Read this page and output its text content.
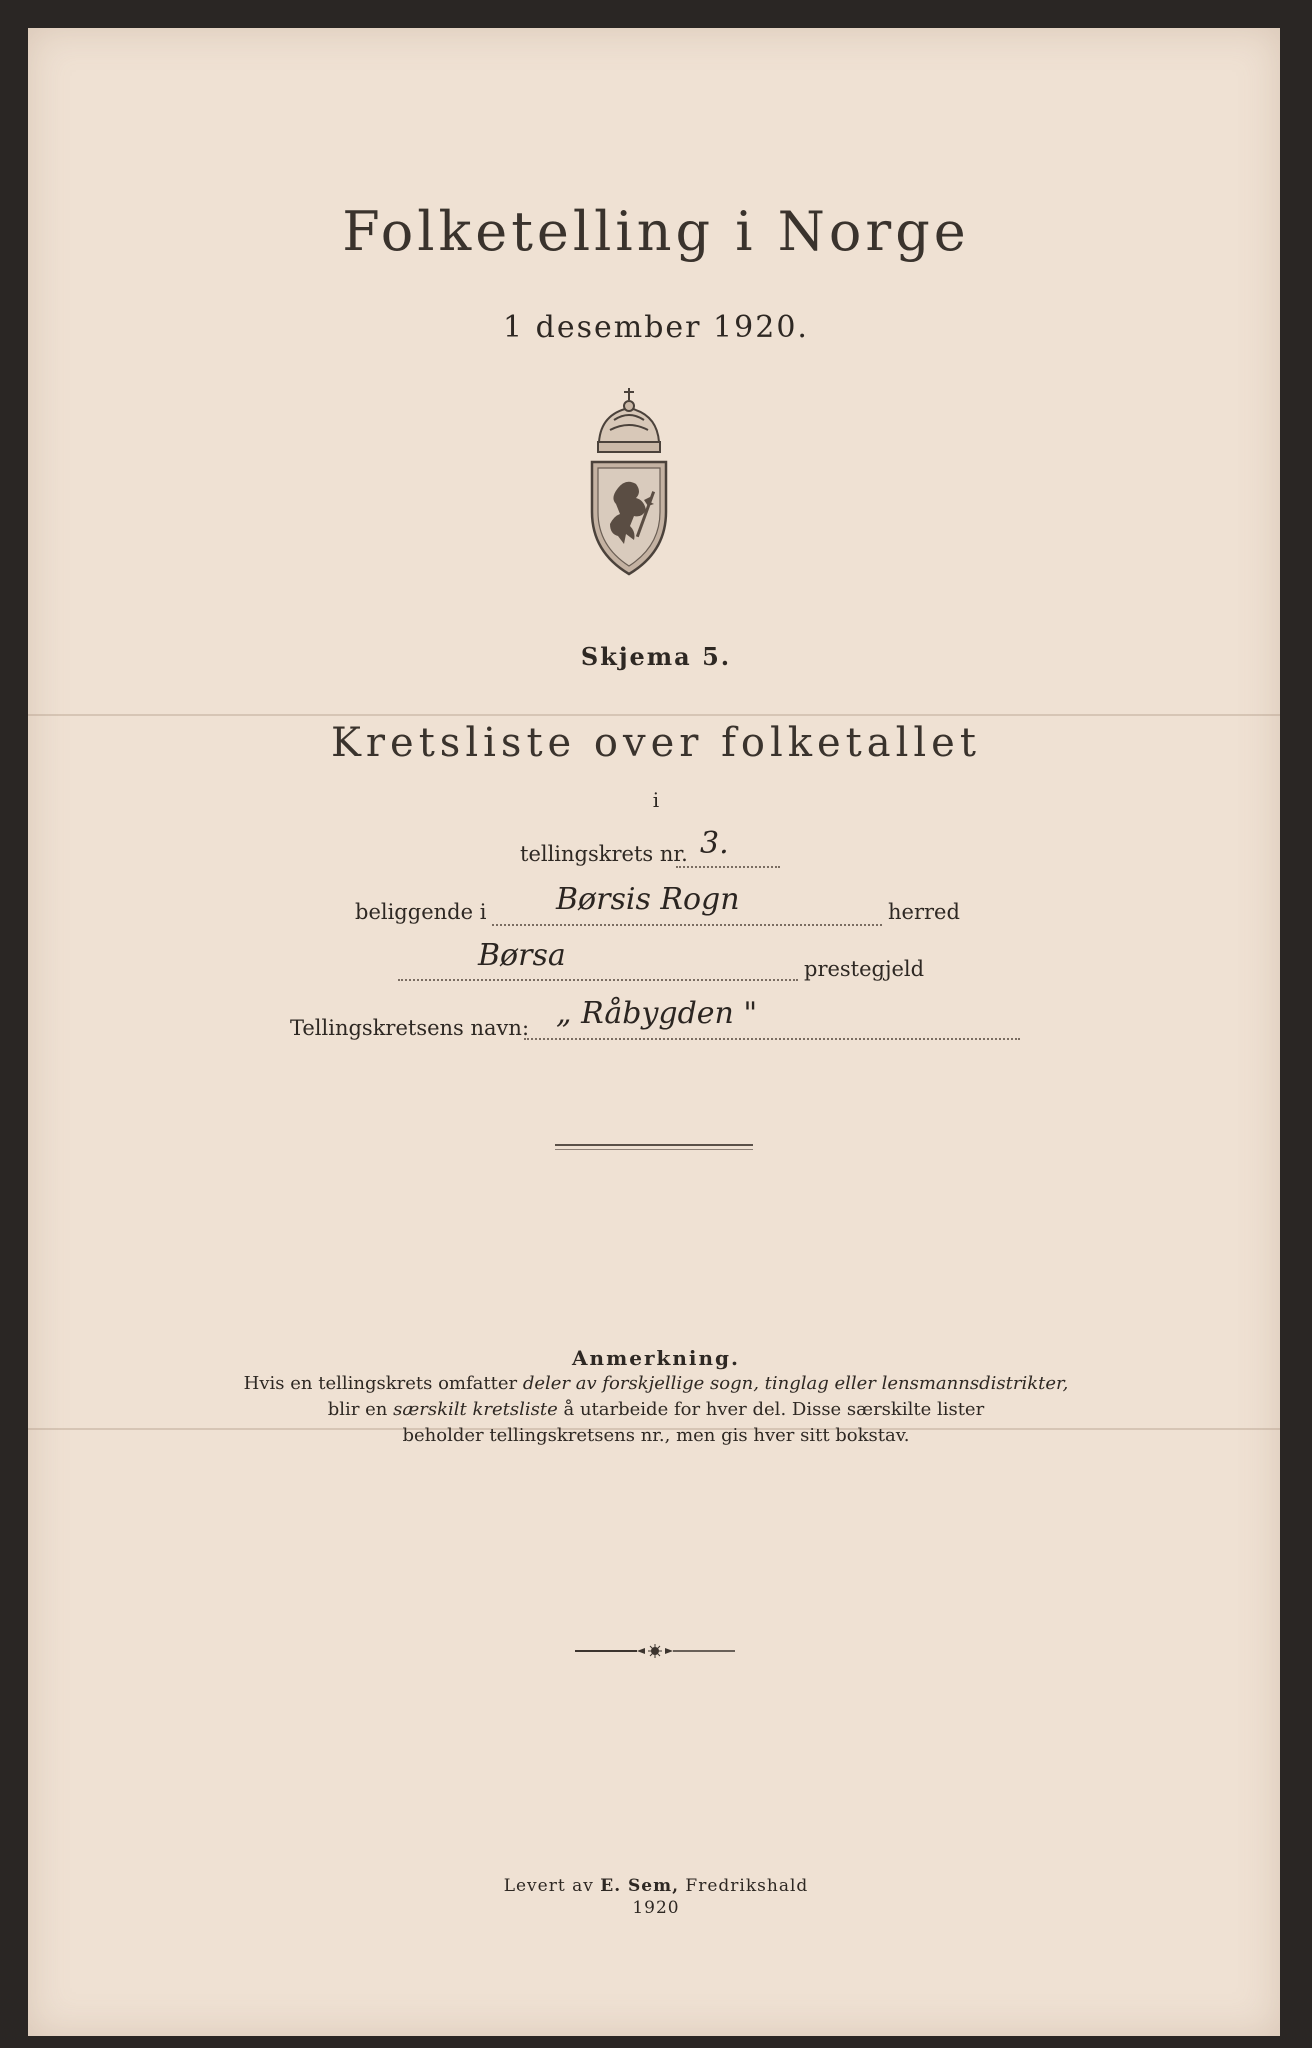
Folketelling i Norge
1 desember 1920.
Skjema 5.
Kretsliste over folketallet
i
tellingskrets nr. 3.
beliggende i Børsis Rogn	herred
Børsa	prestegjeld
Tellingskretsens navn: „ Råbygden "
Anmerkning.
Hvis en tellingskrets omfatter deler av forskjellige sogn, tinglag eller lensmannsdistrikter,
blir en særskilt kretsliste å utarbeide for hver del. Disse særskilte lister
beholder tellingskretsens nr., men gis hver sitt bokstav.
Levert av E. Sem, Fredrikshald
1920
